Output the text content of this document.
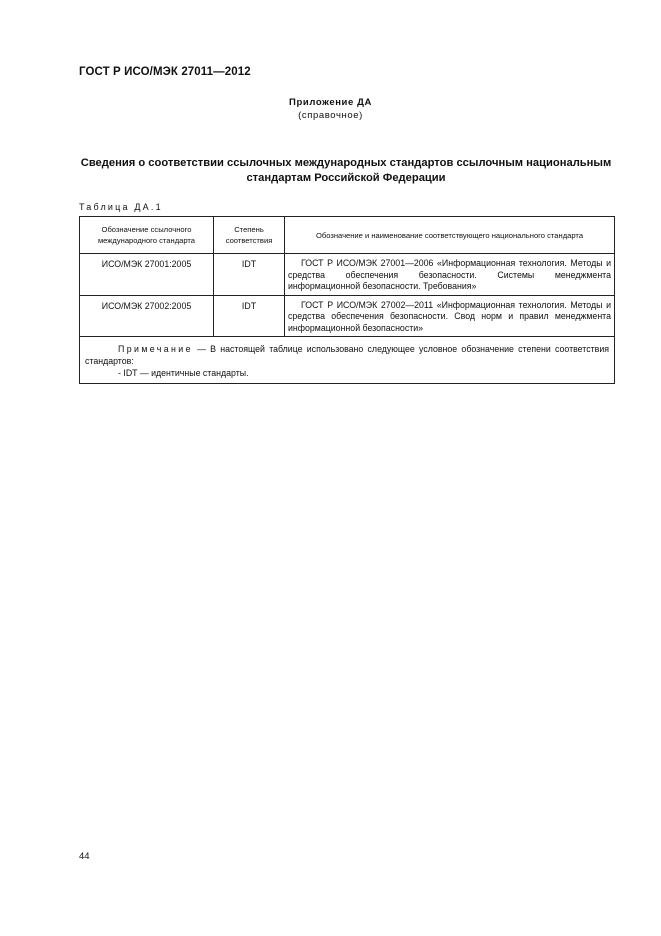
ГОСТ Р ИСО/МЭК 27011—2012
Приложение ДА
(справочное)
Сведения о соответствии ссылочных международных стандартов ссылочным национальным стандартам Российской Федерации
Таблица ДА.1
Обозначение ссылочного международного стандарта	Степень соответствия	Обозначение и наименование соответствующего национального стандарта
ИСО/МЭК 27001:2005	IDT	ГОСТ Р ИСО/МЭК 27001—2006 «Информационная технология. Методы и средства обеспечения безопасности. Системы менеджмента информационной безопасности. Требования»
ИСО/МЭК 27002:2005	IDT	ГОСТ Р ИСО/МЭК 27002—2011 «Информационная технология. Методы и средства обеспечения безопасности. Свод норм и правил менеджмента информационной безопасности»

Примечание — В настоящей таблице использовано следующее условное обозначение степени соответствия стандартов:
- IDT — идентичные стандарты.		
44
